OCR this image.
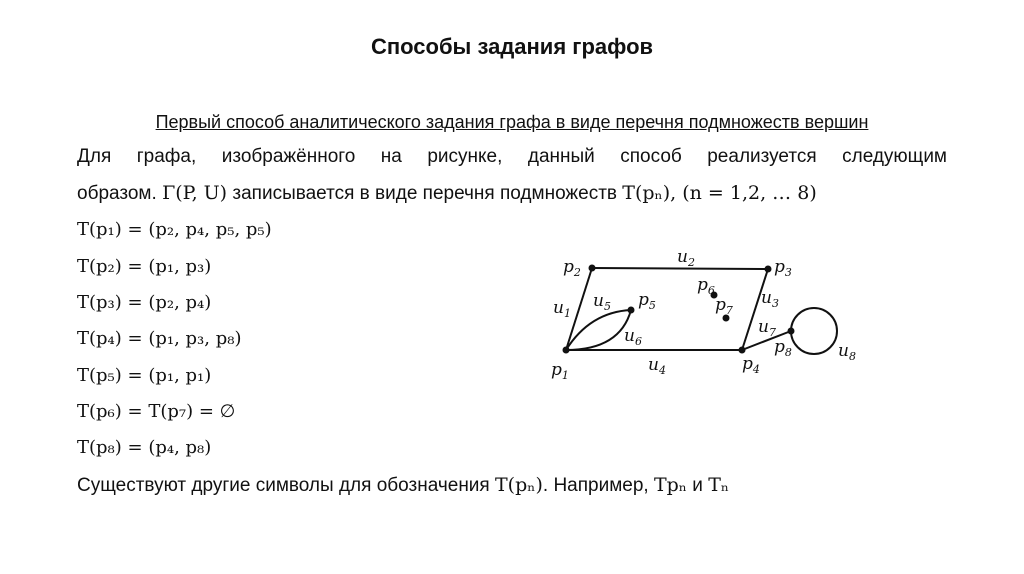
Способы задания графов

Первый способ аналитического задания графа в виде перечня подмножеств вершин

Для графа, изображённого на рисунке, данный способ реализуется следующим
образом. Γ(P, U) записывается в виде перечня подмножеств T(pₙ), (n = 1,2, … 8)
T(p₁) = (p₂, p₄, p₅, p₅)
T(p₂) = (p₁, p₃)
T(p₃) = (p₂, p₄)
T(p₄) = (p₁, p₃, p₈)
T(p₅) = (p₁, p₁)
T(p₆) = T(p₇) = ∅
T(p₈) = (p₄, p₈)
Существуют другие символы для обозначения T(pₙ). Например, Tpₙ и Tₙ
$p_1$
$p_2$	$p_3$
$p_4$
$p_5$
$p_6$
$p_7$
$p_8$
$u_1$
$u_2$
$u_3$
$u_4$
$u_5$
$u_6$
$u_7$
$u_8$
